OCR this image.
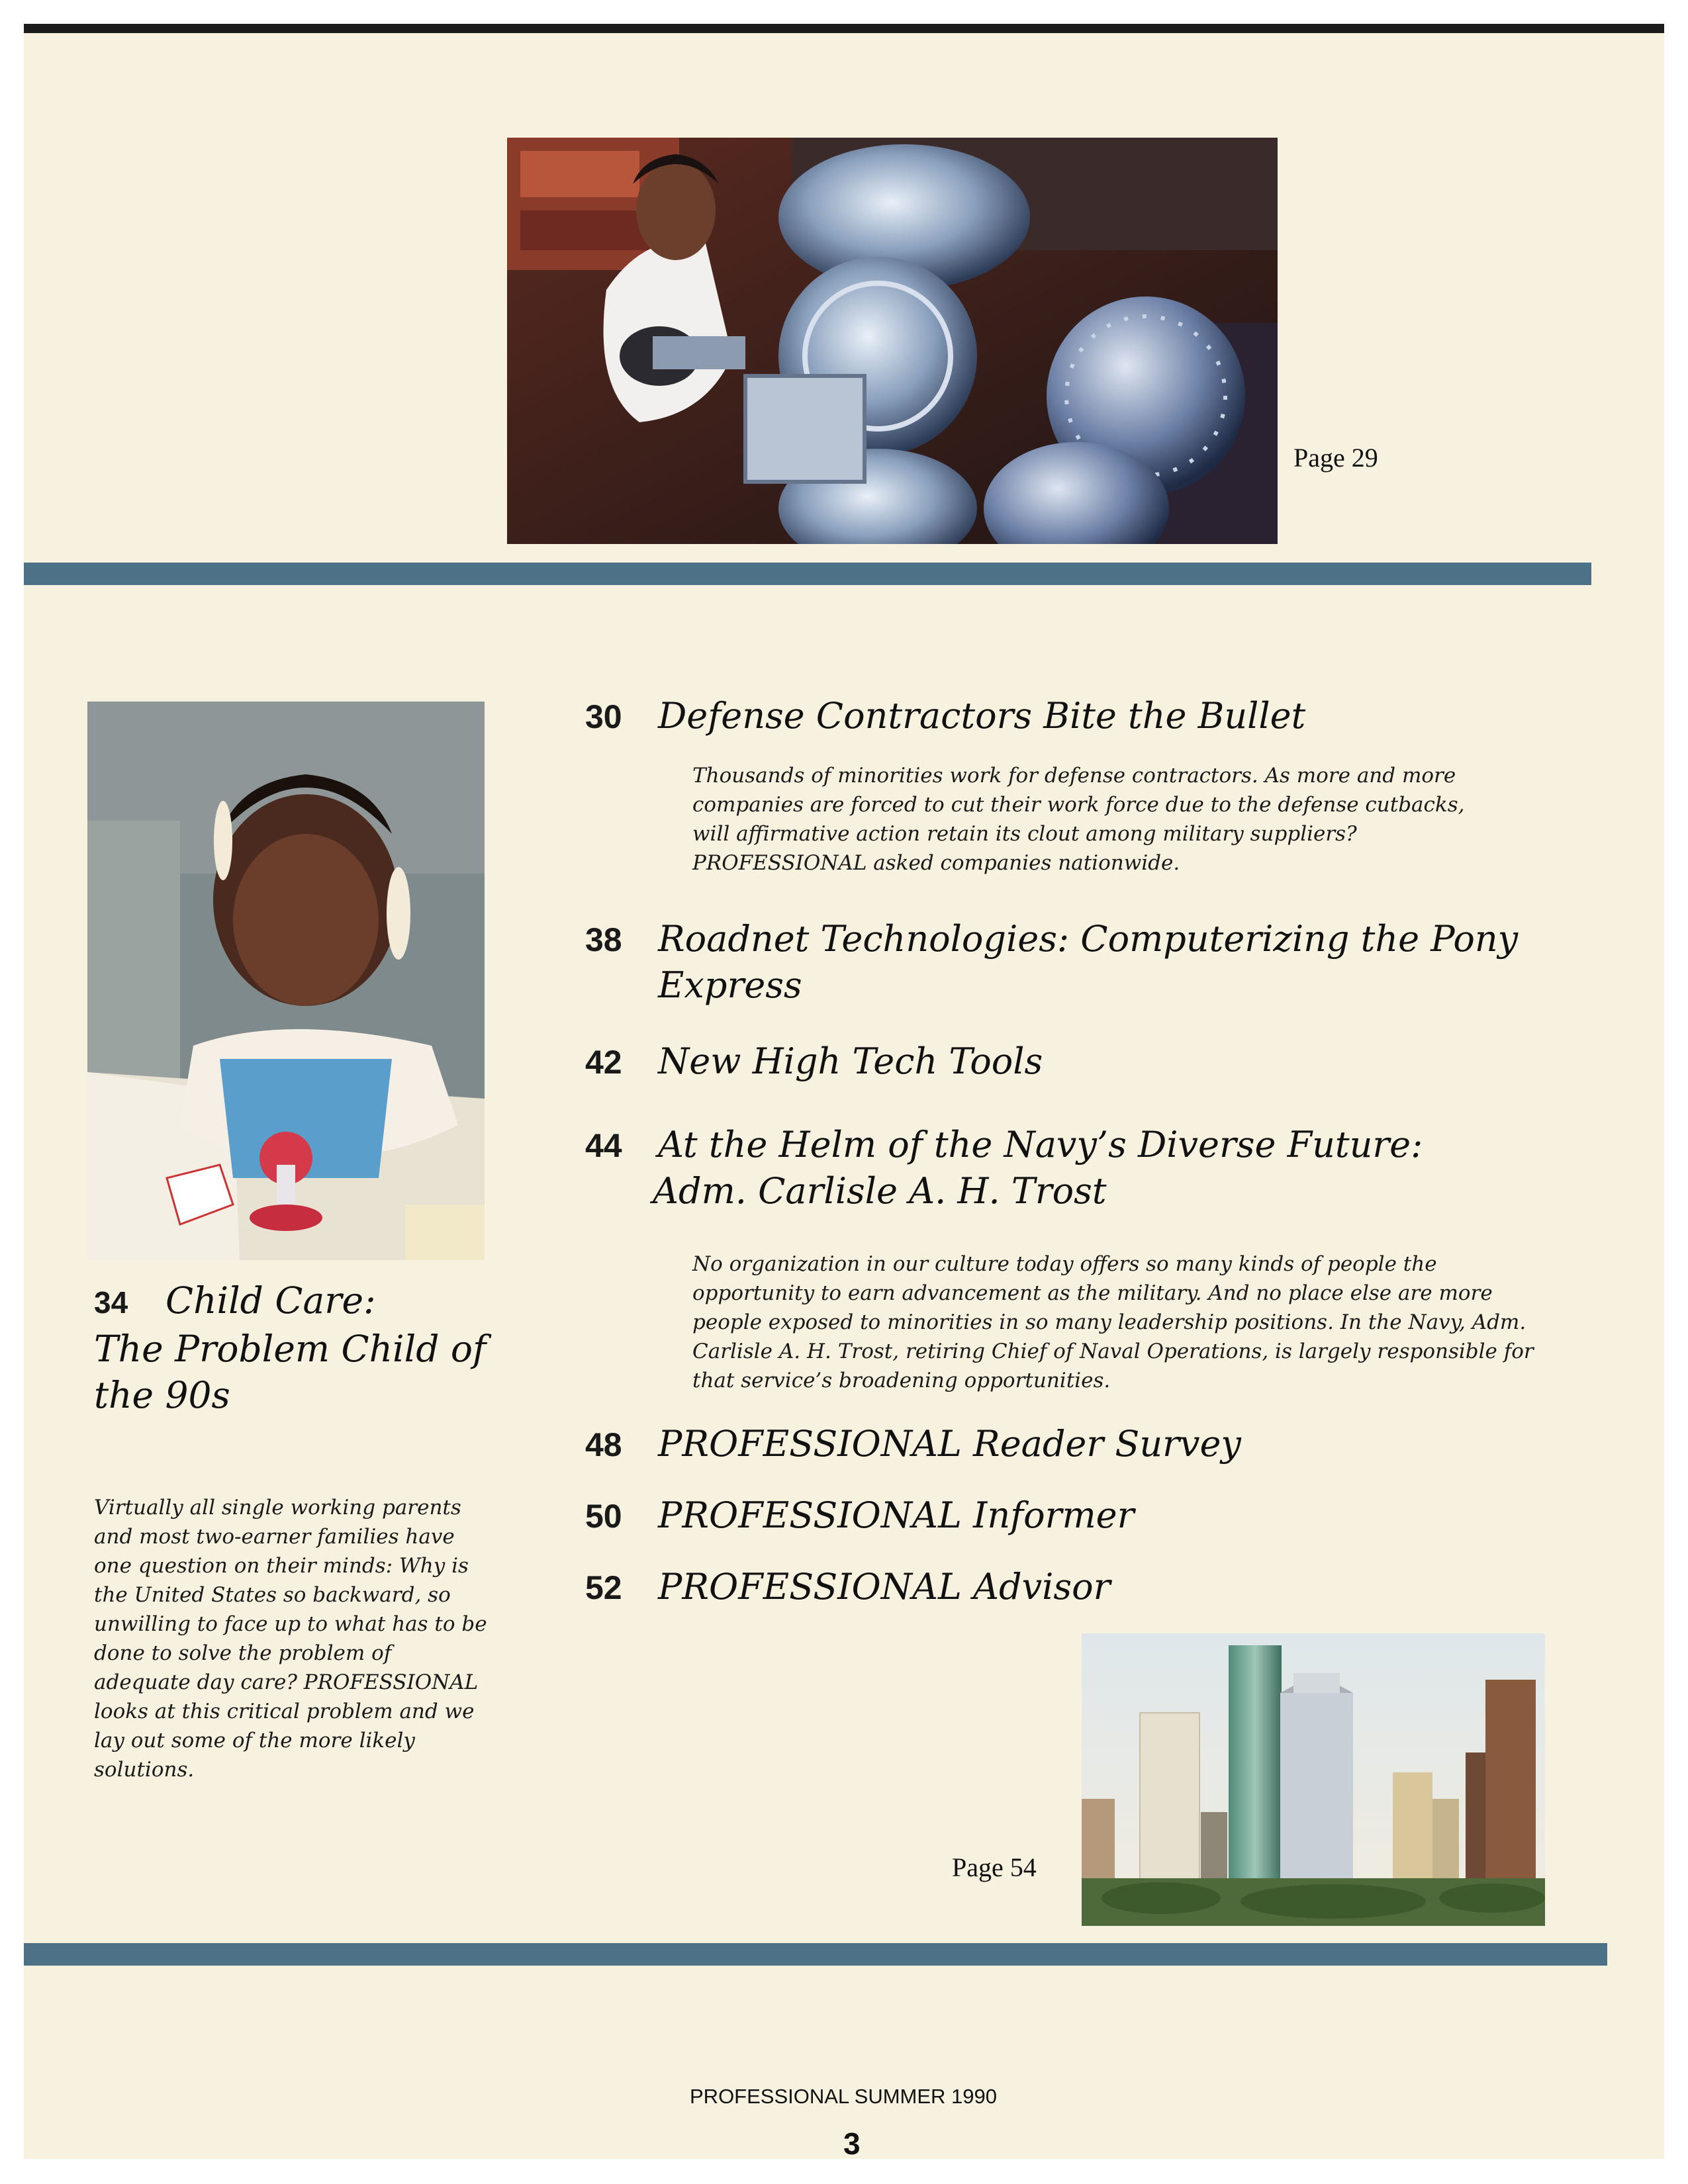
Page 29
34 Child Care:
The Problem Child of
the 90s
Virtually all single working parents and most two-earner families have one question on their minds: Why is the United States so backward, so unwilling to face up to what has to be done to solve the problem of adequate day care? PROFESSIONAL looks at this critical problem and we lay out some of the more likely solutions.
30 Defense Contractors Bite the Bullet
Thousands of minorities work for defense contractors. As more and more companies are forced to cut their work force due to the defense cutbacks, will affirmative action retain its clout among military suppliers? PROFESSIONAL asked companies nationwide.
38 Roadnet Technologies: Computerizing the Pony
Express
42 New High Tech Tools
44 At the Helm of the Navy’s Diverse Future:
Adm. Carlisle A. H. Trost
No organization in our culture today offers so many kinds of people the opportunity to earn advancement as the military. And no place else are more people exposed to minorities in so many leadership positions. In the Navy, Adm. Carlisle A. H. Trost, retiring Chief of Naval Operations, is largely responsible for that service’s broadening opportunities.
48 PROFESSIONAL Reader Survey
50 PROFESSIONAL Informer
52 PROFESSIONAL Advisor
Page 54
PROFESSIONAL SUMMER 1990
3
